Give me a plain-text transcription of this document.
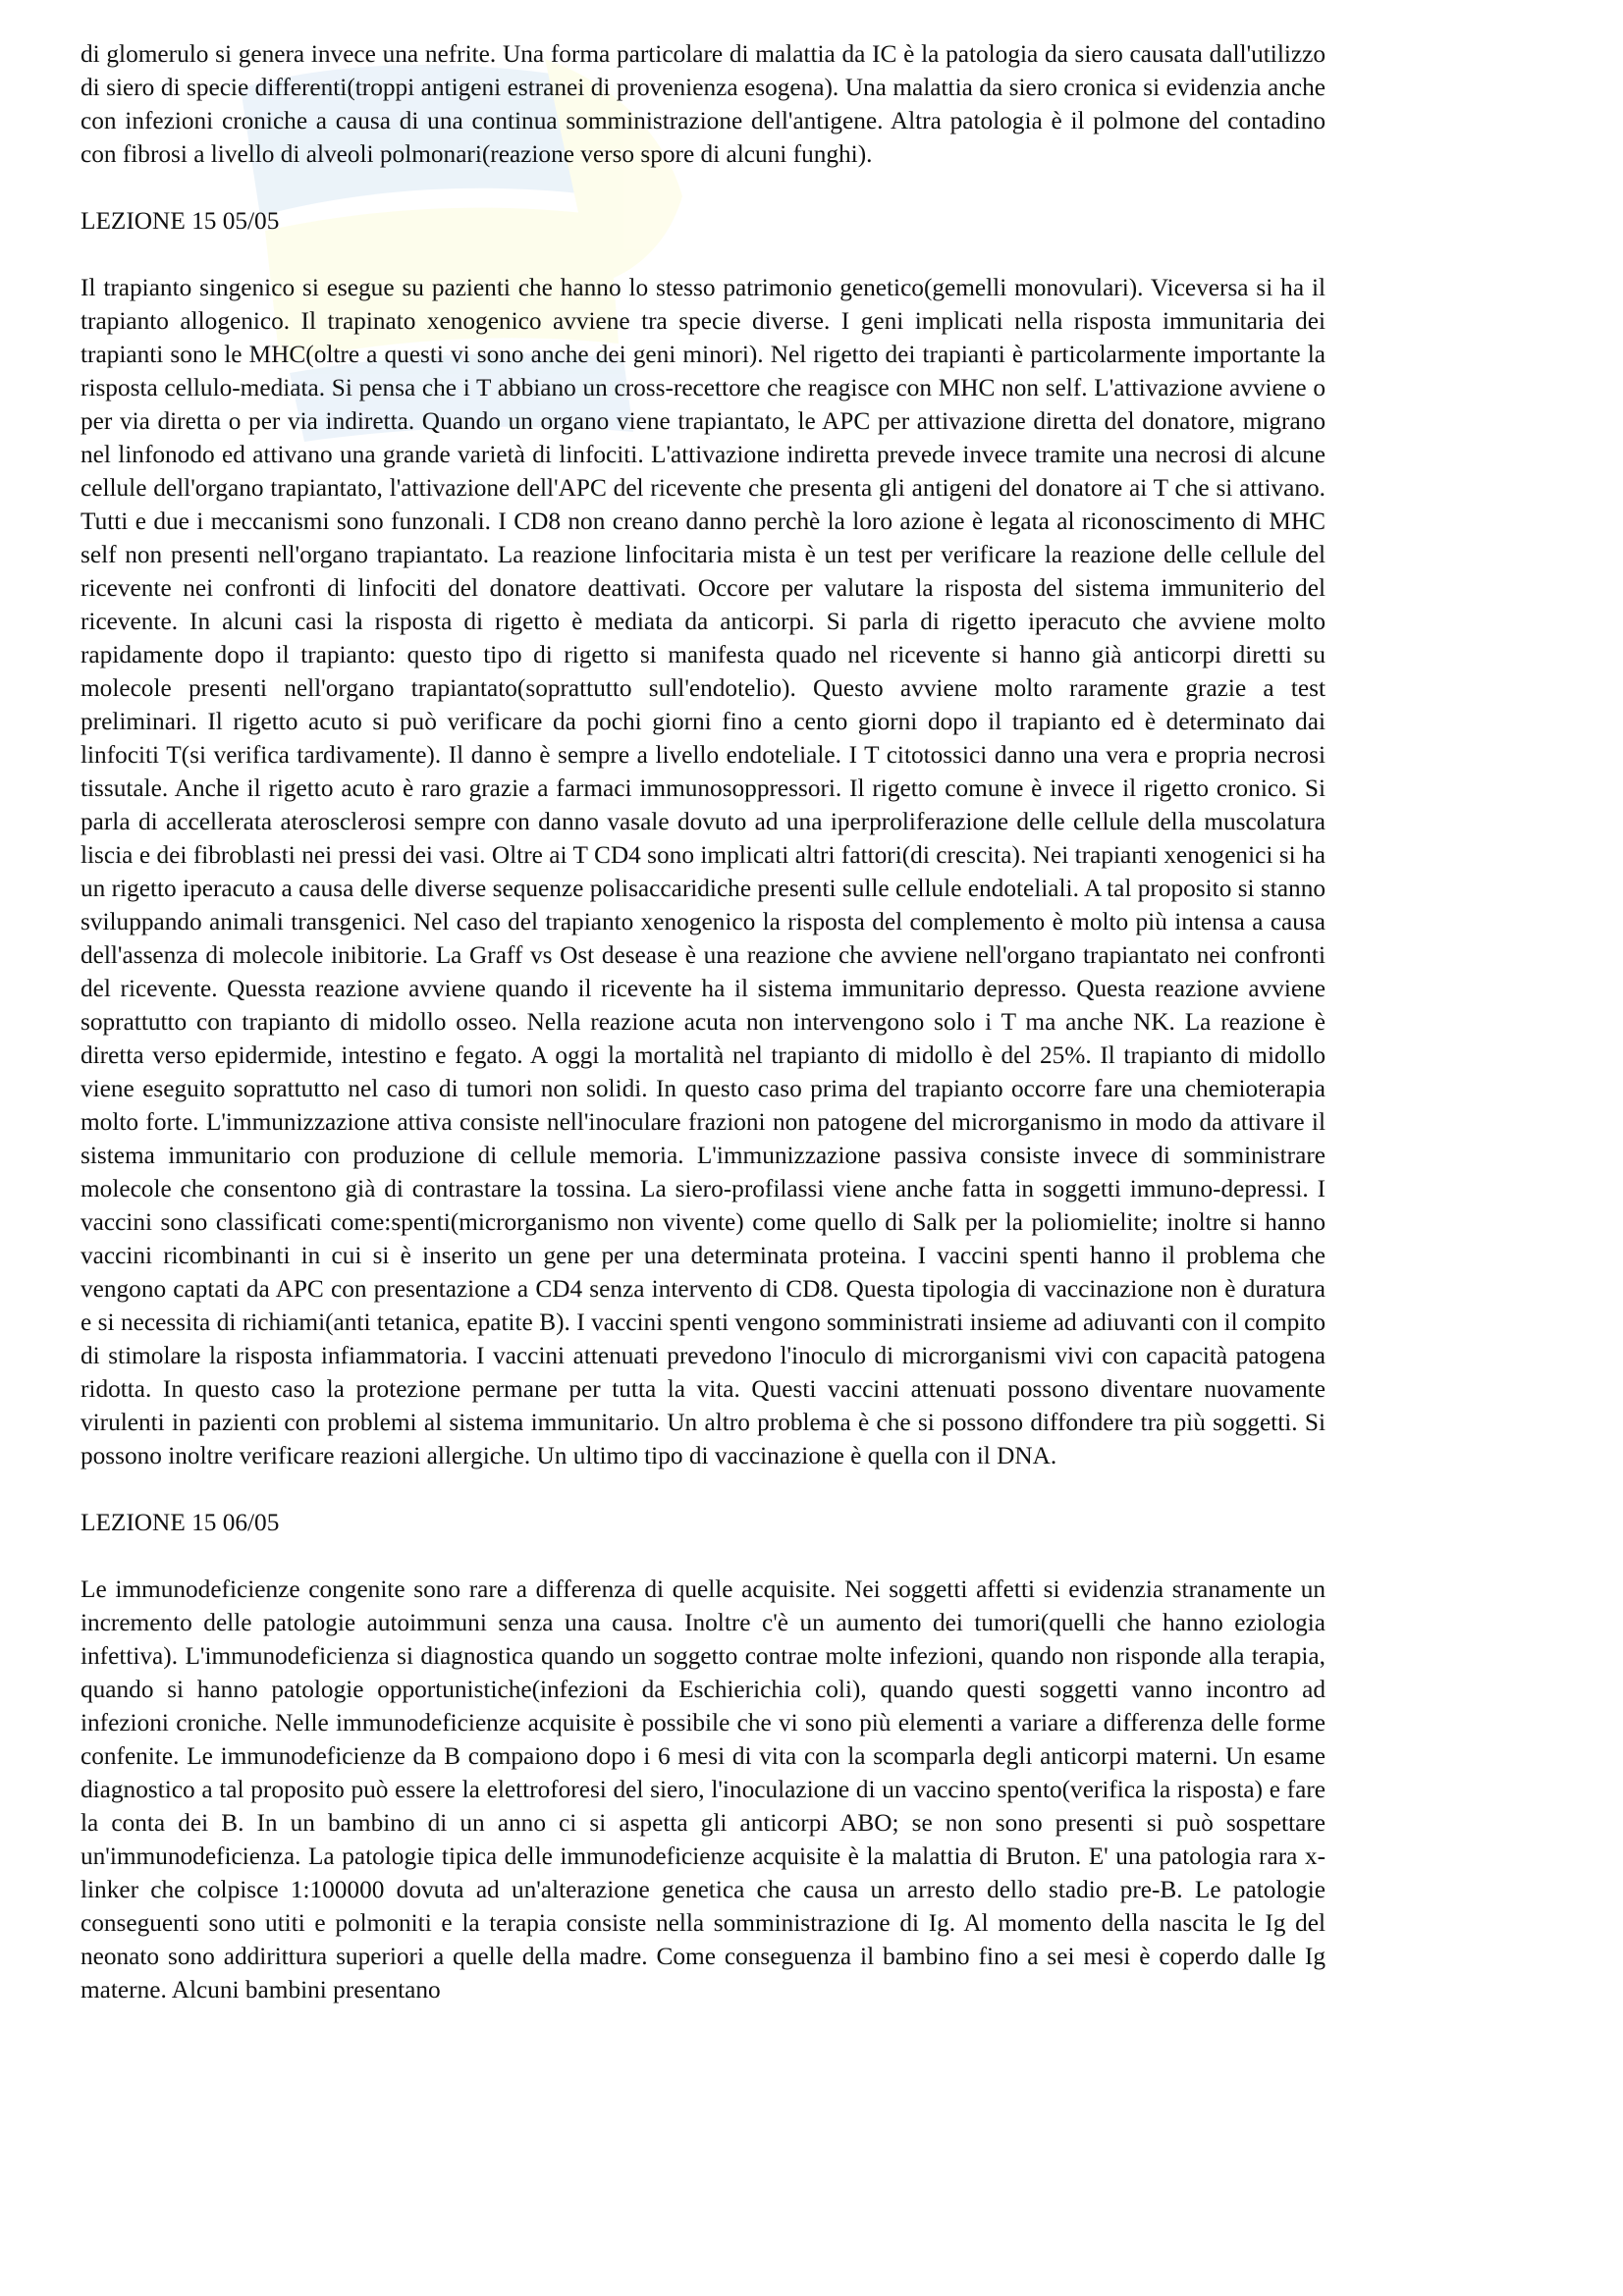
di glomerulo si genera invece una nefrite. Una forma particolare di malattia da IC è la patologia da siero causata dall'utilizzo di siero di specie differenti(troppi antigeni estranei di provenienza esogena). Una malattia da siero cronica si evidenzia anche con infezioni croniche a causa di una continua somministrazione dell'antigene. Altra patologia è il polmone del contadino con fibrosi a livello di alveoli polmonari(reazione verso spore di alcuni funghi).

LEZIONE 15 05/05

Il trapianto singenico si esegue su pazienti che hanno lo stesso patrimonio genetico(gemelli monovulari). Viceversa si ha il trapianto allogenico. Il trapinato xenogenico avviene tra specie diverse. I geni implicati nella risposta immunitaria dei trapianti sono le MHC(oltre a questi vi sono anche dei geni minori). Nel rigetto dei trapianti è particolarmente importante la risposta cellulo-mediata. Si pensa che i T abbiano un cross-recettore che reagisce con MHC non self. L'attivazione avviene o per via diretta o per via indiretta. Quando un organo viene trapiantato, le APC per attivazione diretta del donatore, migrano nel linfonodo ed attivano una grande varietà di linfociti. L'attivazione indiretta prevede invece tramite una necrosi di alcune cellule dell'organo trapiantato, l'attivazione dell'APC del ricevente che presenta gli antigeni del donatore ai T che si attivano. Tutti e due i meccanismi sono funzonali. I CD8 non creano danno perchè la loro azione è legata al riconoscimento di MHC self non presenti nell'organo trapiantato. La reazione linfocitaria mista è un test per verificare la reazione delle cellule del ricevente nei confronti di linfociti del donatore deattivati. Occore per valutare la risposta del sistema immuniterio del ricevente. In alcuni casi la risposta di rigetto è mediata da anticorpi. Si parla di rigetto iperacuto che avviene molto rapidamente dopo il trapianto: questo tipo di rigetto si manifesta quado nel ricevente si hanno già anticorpi diretti su molecole presenti nell'organo trapiantato(soprattutto sull'endotelio). Questo avviene molto raramente grazie a test preliminari. Il rigetto acuto si può verificare da pochi giorni fino a cento giorni dopo il trapianto ed è determinato dai linfociti T(si verifica tardivamente). Il danno è sempre a livello endoteliale. I T citotossici danno una vera e propria necrosi tissutale. Anche il rigetto acuto è raro grazie a farmaci immunosoppressori. Il rigetto comune è invece il rigetto cronico. Si parla di accellerata aterosclerosi sempre con danno vasale dovuto ad una iperproliferazione delle cellule della muscolatura liscia e dei fibroblasti nei pressi dei vasi. Oltre ai T CD4 sono implicati altri fattori(di crescita). Nei trapianti xenogenici si ha un rigetto iperacuto a causa delle diverse sequenze polisaccaridiche presenti sulle cellule endoteliali. A tal proposito si stanno sviluppando animali transgenici. Nel caso del trapianto xenogenico la risposta del complemento è molto più intensa a causa dell'assenza di molecole inibitorie. La Graff vs Ost desease è una reazione che avviene nell'organo trapiantato nei confronti del ricevente. Quessta reazione avviene quando il ricevente ha il sistema immunitario depresso. Questa reazione avviene soprattutto con trapianto di midollo osseo. Nella reazione acuta non intervengono solo i T ma anche NK. La reazione è diretta verso epidermide, intestino e fegato. A oggi la mortalità nel trapianto di midollo è del 25%. Il trapianto di midollo viene eseguito soprattutto nel caso di tumori non solidi. In questo caso prima del trapianto occorre fare una chemioterapia molto forte. L'immunizzazione attiva consiste nell'inoculare frazioni non patogene del microrganismo in modo da attivare il sistema immunitario con produzione di cellule memoria. L'immunizzazione passiva consiste invece di somministrare molecole che consentono già di contrastare la tossina. La siero-profilassi viene anche fatta in soggetti immuno-depressi. I vaccini sono classificati come:spenti(microrganismo non vivente) come quello di Salk per la poliomielite; inoltre si hanno vaccini ricombinanti in cui si è inserito un gene per una determinata proteina. I vaccini spenti hanno il problema che vengono captati da APC con presentazione a CD4 senza intervento di CD8. Questa tipologia di vaccinazione non è duratura e si necessita di richiami(anti tetanica, epatite B). I vaccini spenti vengono somministrati insieme ad adiuvanti con il compito di stimolare la risposta infiammatoria. I vaccini attenuati prevedono l'inoculo di microrganismi vivi con capacità patogena ridotta. In questo caso la protezione permane per tutta la vita. Questi vaccini attenuati possono diventare nuovamente virulenti in pazienti con problemi al sistema immunitario. Un altro problema è che si possono diffondere tra più soggetti. Si possono inoltre verificare reazioni allergiche. Un ultimo tipo di vaccinazione è quella con il DNA.

LEZIONE 15 06/05

Le immunodeficienze congenite sono rare a differenza di quelle acquisite. Nei soggetti affetti si evidenzia stranamente un incremento delle patologie autoimmuni senza una causa. Inoltre c'è un aumento dei tumori(quelli che hanno eziologia infettiva). L'immunodeficienza si diagnostica quando un soggetto contrae molte infezioni, quando non risponde alla terapia, quando si hanno patologie opportunistiche(infezioni da Eschierichia coli), quando questi soggetti vanno incontro ad infezioni croniche. Nelle immunodeficienze acquisite è possibile che vi sono più elementi a variare a differenza delle forme confenite. Le immunodeficienze da B compaiono dopo i 6 mesi di vita con la scomparla degli anticorpi materni. Un esame diagnostico a tal proposito può essere la elettroforesi del siero, l'inoculazione di un vaccino spento(verifica la risposta) e fare la conta dei B. In un bambino di un anno ci si aspetta gli anticorpi ABO; se non sono presenti si può sospettare un'immunodeficienza. La patologie tipica delle immunodeficienze acquisite è la malattia di Bruton. E' una patologia rara x-linker che colpisce 1:100000 dovuta ad un'alterazione genetica che causa un arresto dello stadio pre-B. Le patologie conseguenti sono utiti e polmoniti e la terapia consiste nella somministrazione di Ig. Al momento della nascita le Ig del neonato sono addirittura superiori a quelle della madre. Come conseguenza il bambino fino a sei mesi è coperdo dalle Ig materne. Alcuni bambini presentano
